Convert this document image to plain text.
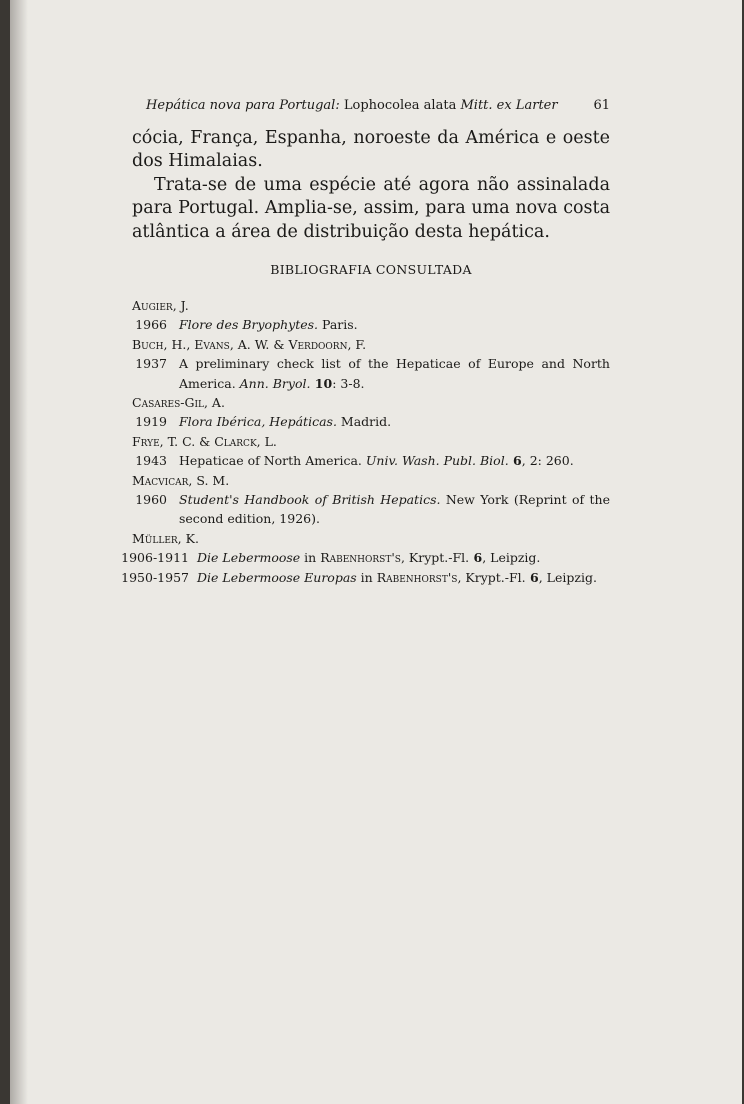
Hepática nova para Portugal: Lophocolea alata Mitt. ex Larter	61

cócia, França, Espanha, noroeste da América e oeste dos Himalaias.

Trata-se de uma espécie até agora não assinalada para Portugal. Amplia-se, assim, para uma nova costa atlântica a área de distribuição desta hepática.

BIBLIOGRAFIA CONSULTADA

Augier, J.

1966 Flore des Bryophytes. Paris.

Buch, H., Evans, A. W. & Verdoorn, F.

1937 A preliminary check list of the Hepaticae of Europe and North America. Ann. Bryol. 10: 3-8.

Casares-Gil, A.

1919 Flora Ibérica, Hepáticas. Madrid.

Frye, T. C. & Clarck, L.

1943 Hepaticae of North America. Univ. Wash. Publ. Biol. 6, 2: 260.

Macvicar, S. M.

1960 Student's Handbook of British Hepatics. New York (Reprint of the second edition, 1926).

Müller, K.

1906-1911 Die Lebermoose in Rabenhorst's, Krypt.-Fl. 6, Leipzig.
1950-1957 Die Lebermoose Europas in Rabenhorst's, Krypt.-Fl. 6, Leipzig.
